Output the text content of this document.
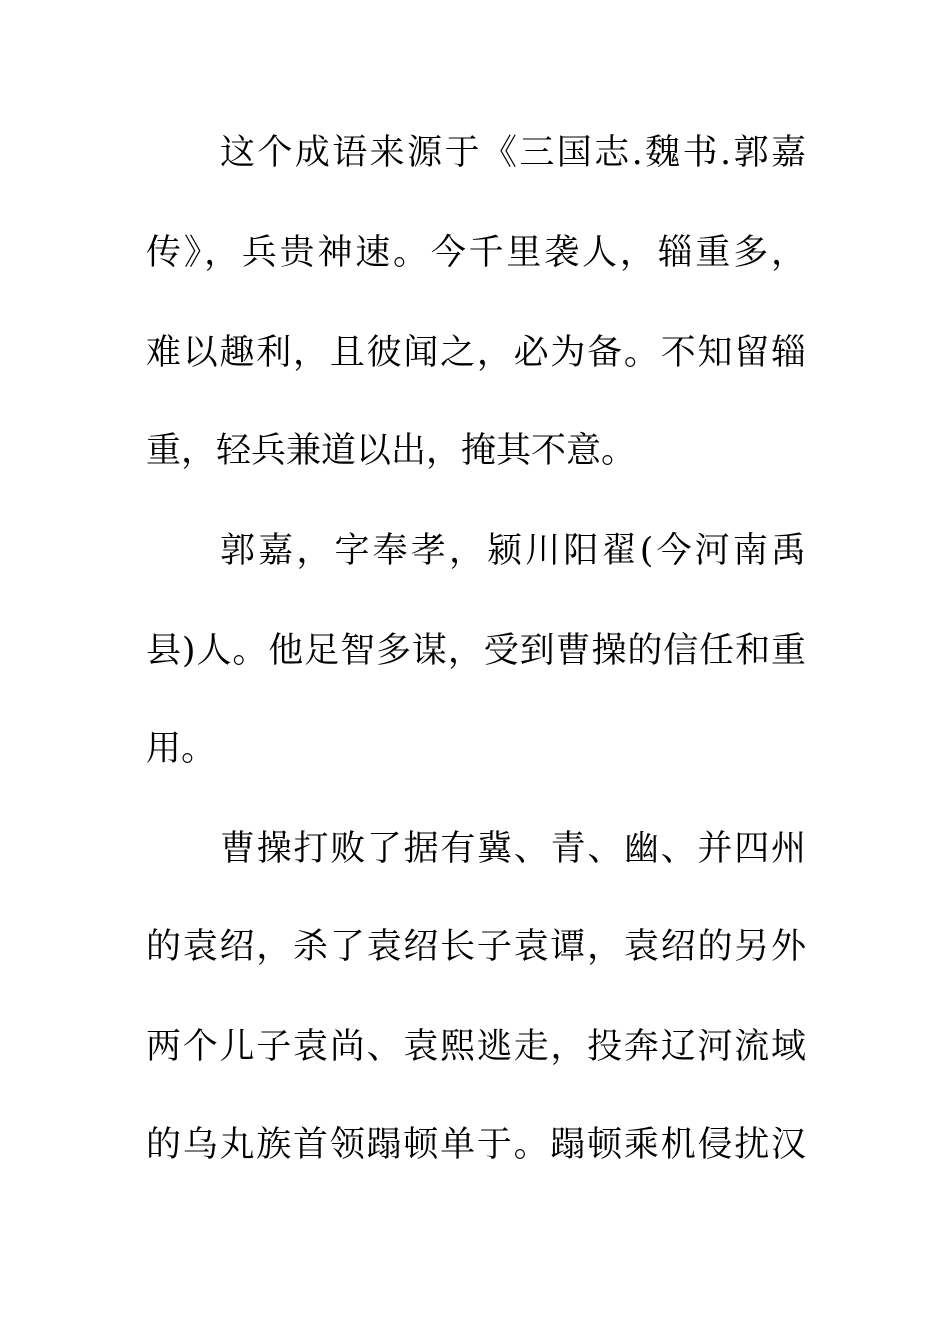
这个成语来源于《三国志.魏书.郭嘉
传》，兵贵神速。今千里袭人，辎重多，
难以趣利，且彼闻之，必为备。不知留辎
重，轻兵兼道以出，掩其不意。
郭嘉，字奉孝，颍川阳翟(今河南禹
县)人。他足智多谋，受到曹操的信任和重
用。
曹操打败了据有冀、青、幽、并四州
的袁绍，杀了袁绍长子袁谭，袁绍的另外
两个儿子袁尚、袁熙逃走，投奔辽河流域
的乌丸族首领蹋顿单于。蹋顿乘机侵扰汉
